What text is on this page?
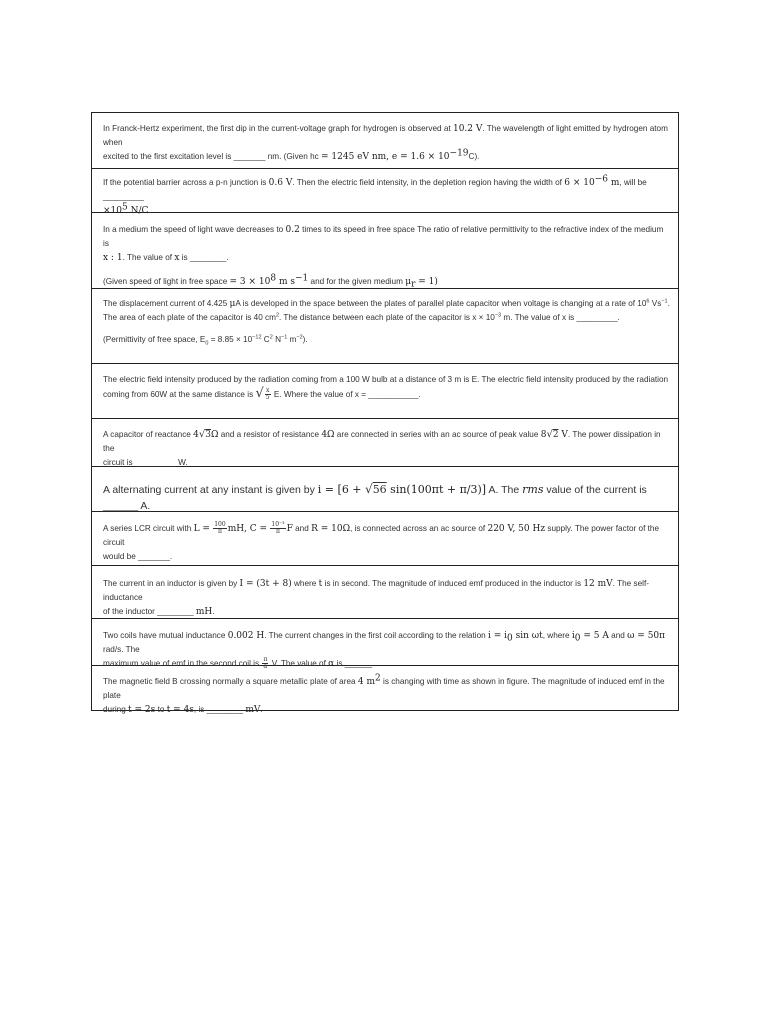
In Franck-Hertz experiment, the first dip in the current-voltage graph for hydrogen is observed at 10.2 V. The wavelength of light emitted by hydrogen atom when

excited to the first excitation level is _______ nm. (Given hc = 1245 eV nm, $e = 1.6 \times 10^{-19}C$).

If the potential barrier across a p-n junction is 0.6 V. Then the electric field intensity, in the depletion region having the width of $6 \times 10^{-6}$ m, will be _________

$\times 10^5$ N/C.

In a medium the speed of light wave decreases to 0.2 times to its speed in free space The ratio of relative permittivity to the refractive index of the medium is

x : 1. The value of x is ________.

(Given speed of light in free space = $3 \times 10^8$ m $s^{-1}$ and for the given medium $\mu_r = 1$)

The displacement current of 4.425 μA is developed in the space between the plates of parallel plate capacitor when voltage is changing at a rate of $10^6$ $Vs^{-1}$.

The area of each plate of the capacitor is 40 $cm^2$. The distance between each plate of the capacitor is $x \times 10^{-3}$ m. The value of x is _________.

(Permittivity of free space, $E_0 = 8.85 \times 10^{-12}$ $C^2$ $N^{-1}$ $m^{-2}$).

The electric field intensity produced by the radiation coming from a 100 W bulb at a distance of 3 m is E. The electric field intensity produced by the radiation

coming from 60W at the same distance is √ $\frac{x}{5} E$. Where the value of x = ___________.

A capacitor of reactance 4√3Ω and a resistor of resistance 4Ω are connected in series with an ac source of peak value 8√2 V. The power dissipation in the

circuit is _________ W.

A alternating current at any instant is given by i = [6 + √56 sin(100πt + π/3)] A. The rms value of the current is ______ A.

A series LCR circuit with $L = \frac{100}{\pi}$ mH, $C = \frac{\text{10⁻³}}{\pi}$ F and R = 10Ω, is connected across an ac source of 220 V, 50 Hz supply. The power factor of the circuit

would be _______.

The current in an inductor is given by I = (3t + 8) where t is in second. The magnitude of induced emf produced in the inductor is 12 mV. The self-inductance

of the inductor ________ mH.

Two coils have mutual inductance 0.002 H. The current changes in the first coil according to the relation $i = i_0$ sin ωt, where $i_0 = 5$ A and ω = 50π rad/s. The

maximum value of emf in the second coil is $\frac{\pi}{\alpha} V$. The value of α is ______.

The magnetic field B crossing normally a square metallic plate of area 4 $m^2$ is changing with time as shown in figure. The magnitude of induced emf in the plate

during t = 2s to t = 4s, is ________ mV.
